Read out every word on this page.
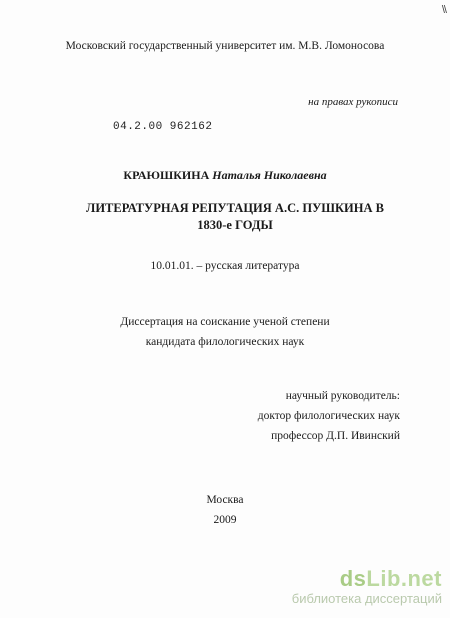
\\
Московский государственный университет им. М.В. Ломоносова
на правах рукописи
04.2.00 962162
КРАЮШКИНА Наталья Николаевна
ЛИТЕРАТУРНАЯ РЕПУТАЦИЯ А.С. ПУШКИНА В 1830-е ГОДЫ
10.01.01. – русская литература
Диссертация на соискание ученой степени
кандидата филологических наук
научный руководитель:
доктор филологических наук
профессор Д.П. Ивинский
Москва
2009
dsLib.net
библиотека диссертаций
